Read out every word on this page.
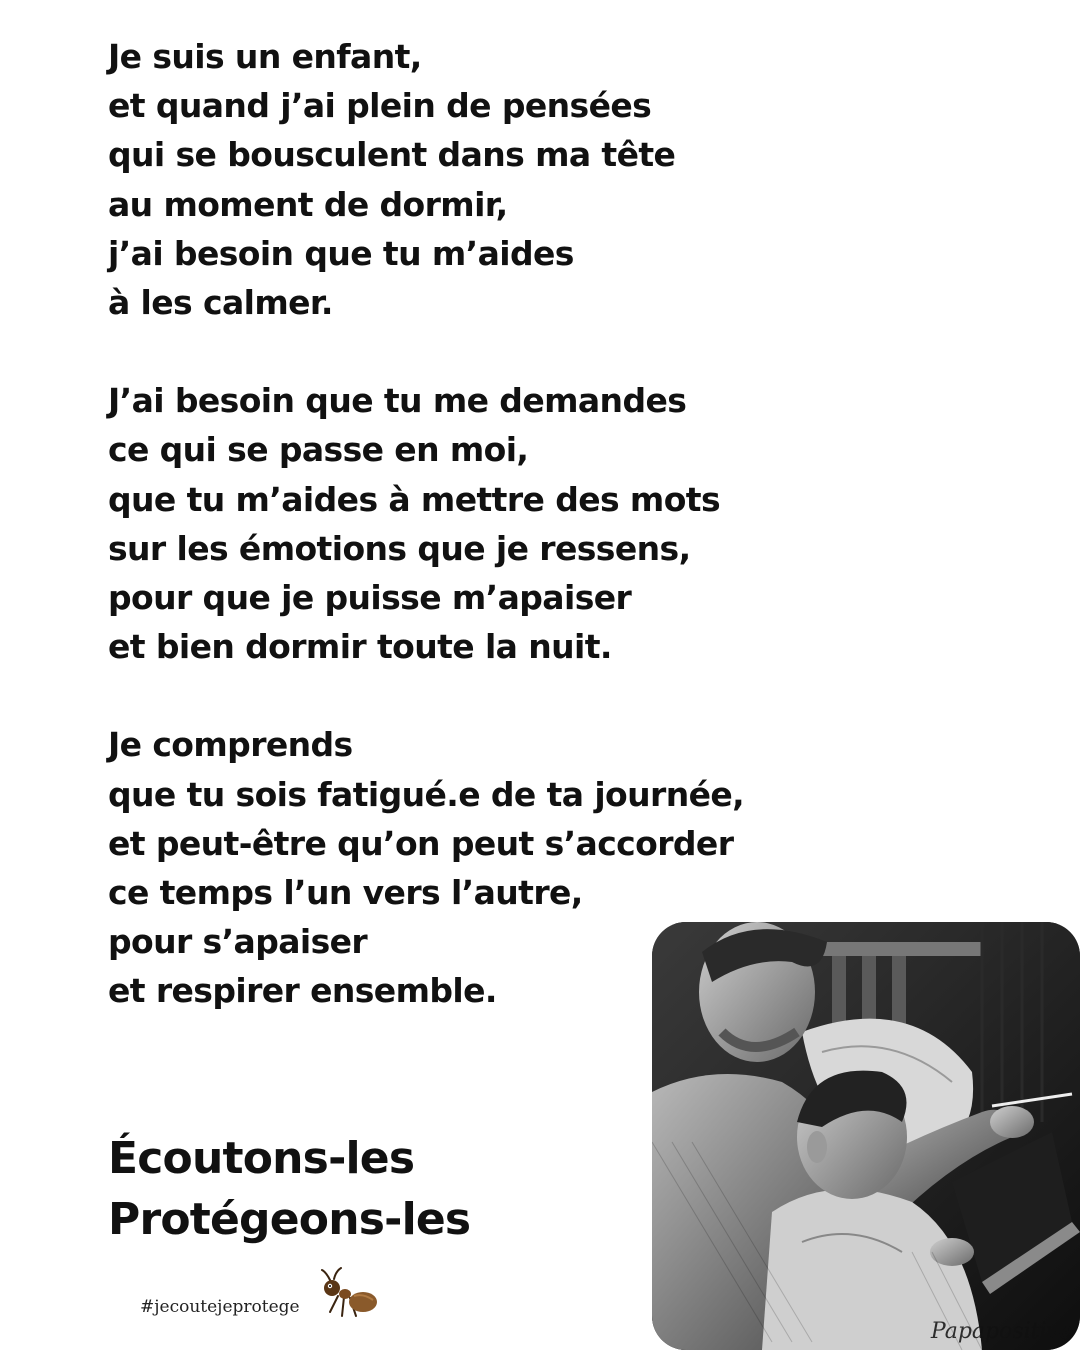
Je suis un enfant,
et quand j’ai plein de pensées
qui se bousculent dans ma tête
au moment de dormir,
j’ai besoin que tu m’aides
à les calmer.
J’ai besoin que tu me demandes
ce qui se passe en moi,
que tu m’aides à mettre des mots
sur les émotions que je ressens,
pour que je puisse m’apaiser
et bien dormir toute la nuit.
Je comprends
que tu sois fatigué.e de ta journée,
et peut-être qu’on peut s’accorder
ce temps l’un vers l’autre,
pour s’apaiser
et respirer ensemble.
Écoutons-les
Protégeons-les
#jecoutejeprotege
Papapositive
